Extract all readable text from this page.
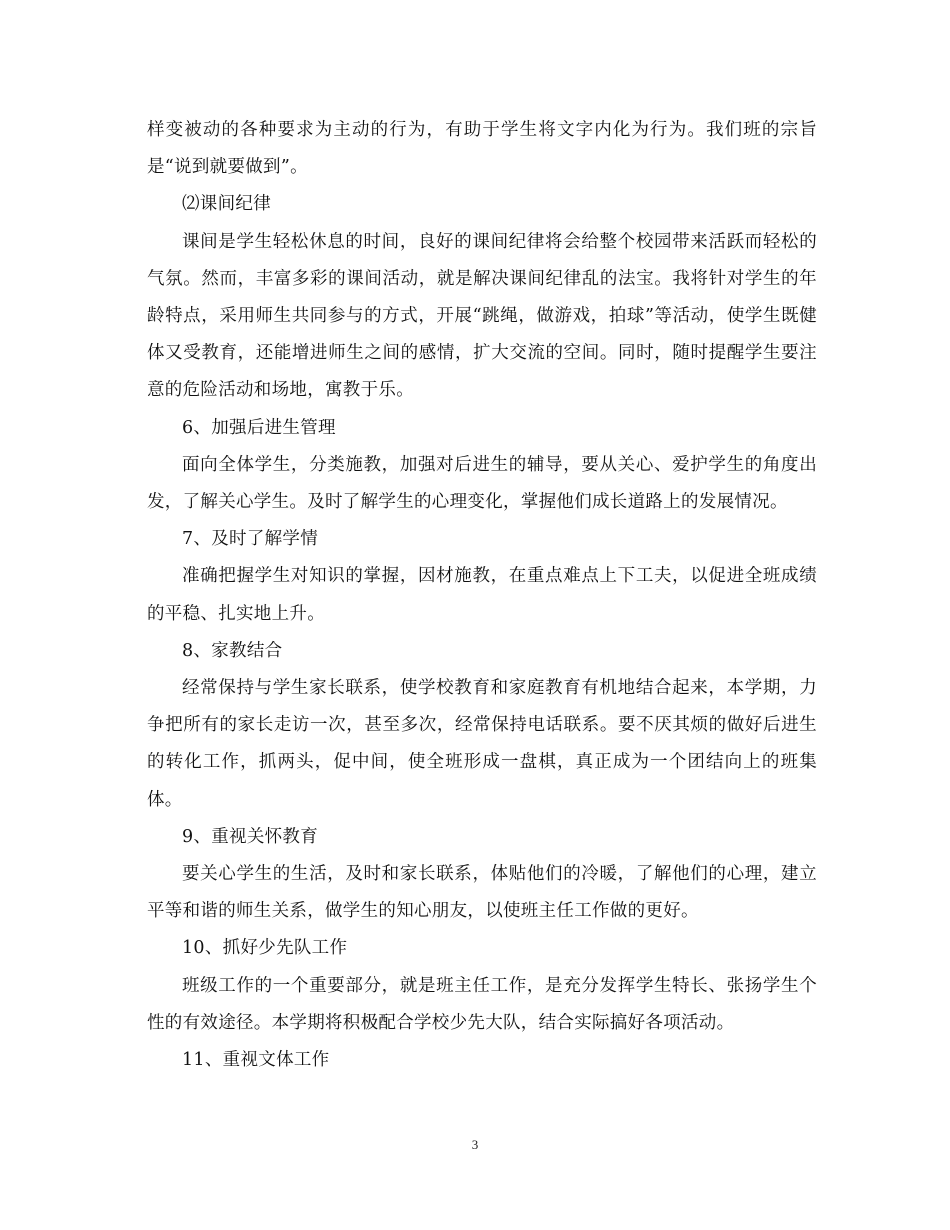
样变被动的各种要求为主动的行为，有助于学生将文字内化为行为。我们班的宗旨是“说到就要做到”。

⑵课间纪律

课间是学生轻松休息的时间，良好的课间纪律将会给整个校园带来活跃而轻松的气氛。然而，丰富多彩的课间活动，就是解决课间纪律乱的法宝。我将针对学生的年龄特点，采用师生共同参与的方式，开展“跳绳，做游戏，拍球”等活动，使学生既健体又受教育，还能增进师生之间的感情，扩大交流的空间。同时，随时提醒学生要注意的危险活动和场地，寓教于乐。

6、加强后进生管理

面向全体学生，分类施教，加强对后进生的辅导，要从关心、爱护学生的角度出发，了解关心学生。及时了解学生的心理变化，掌握他们成长道路上的发展情况。

7、及时了解学情

准确把握学生对知识的掌握，因材施教，在重点难点上下工夫，以促进全班成绩的平稳、扎实地上升。

8、家教结合

经常保持与学生家长联系，使学校教育和家庭教育有机地结合起来，本学期，力争把所有的家长走访一次，甚至多次，经常保持电话联系。要不厌其烦的做好后进生的转化工作，抓两头，促中间，使全班形成一盘棋，真正成为一个团结向上的班集体。

9、重视关怀教育

要关心学生的生活，及时和家长联系，体贴他们的冷暖，了解他们的心理，建立平等和谐的师生关系，做学生的知心朋友，以使班主任工作做的更好。

10、抓好少先队工作

班级工作的一个重要部分，就是班主任工作，是充分发挥学生特长、张扬学生个性的有效途径。本学期将积极配合学校少先大队，结合实际搞好各项活动。

11、重视文体工作

3
